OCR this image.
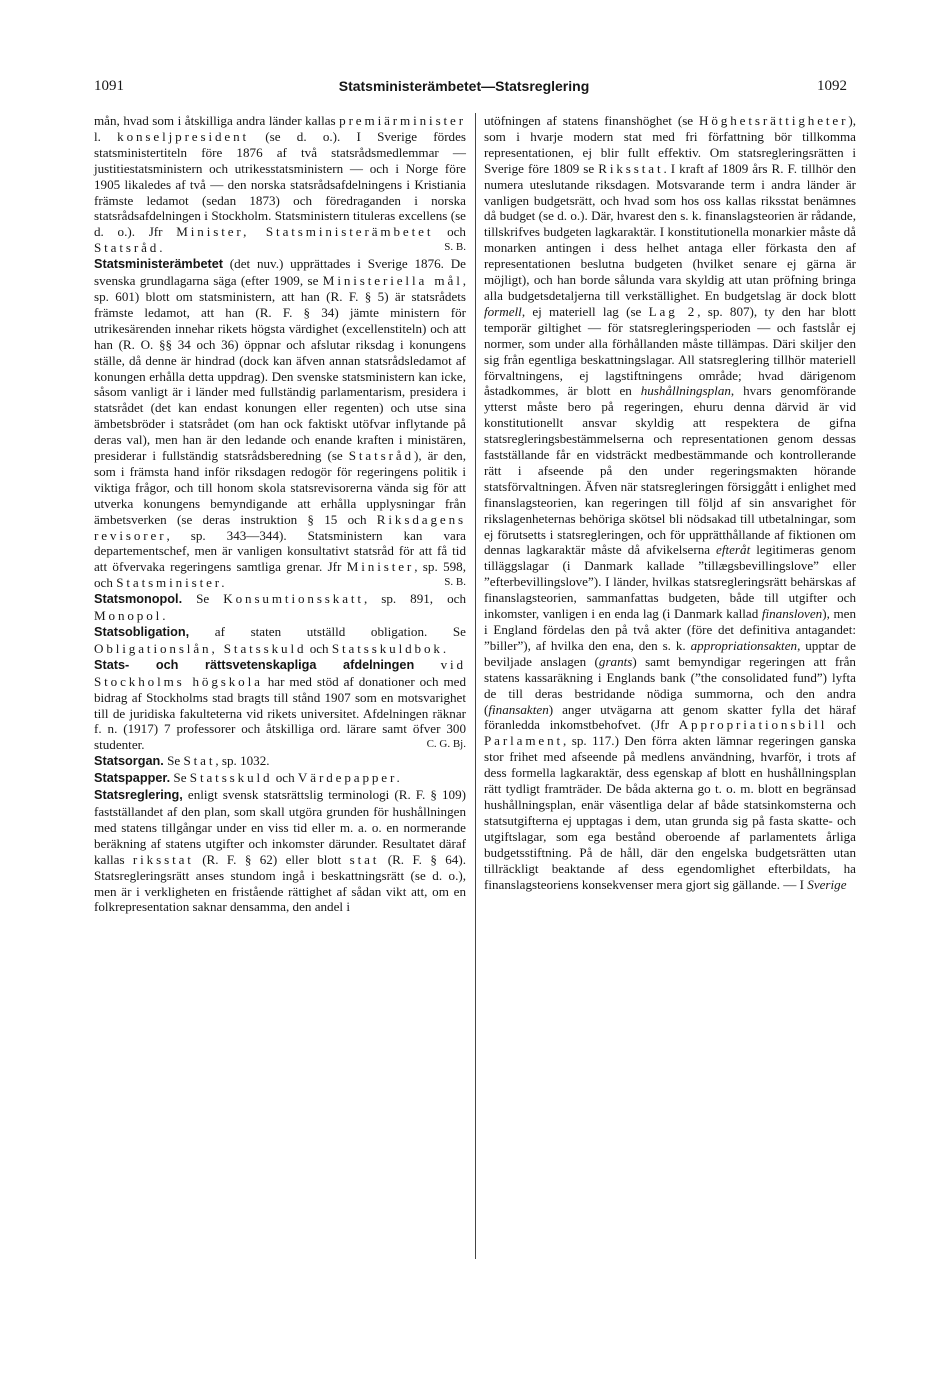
1091	Statsministerämbetet—Statsreglering	1092

mån, hvad som i åtskilliga andra länder kallas premiärminister l. konseljpresident (se d. o.). I Sverige fördes statsministertiteln före 1876 af två statsrådsmedlemmar — justitiestatsministern och utrikesstatsministern — och i Norge före 1905 likaledes af två — den norska statsrådsafdelningens i Kristiania främste ledamot (sedan 1873) och föredraganden i norska statsrådsafdelningen i Stockholm. Statsministern tituleras excellens (se d. o.). Jfr Minister, Statsministerämbetet och Statsråd.	S. B.

Statsministerämbetet (det nuv.) upprättades i Sverige 1876. De svenska grundlagarna säga (efter 1909, se Ministeriella mål, sp. 601) blott om statsministern, att han (R. F. § 5) är statsrådets främste ledamot, att han (R. F. § 34) jämte ministern för utrikesärenden innehar rikets högsta värdighet (excellenstiteln) och att han (R. O. §§ 34 och 36) öppnar och afslutar riksdag i konungens ställe, då denne är hindrad (dock kan äfven annan statsrådsledamot af konungen erhålla detta uppdrag). Den svenske statsministern kan icke, såsom vanligt är i länder med fullständig parlamentarism, presidera i statsrådet (det kan endast konungen eller regenten) och utse sina ämbetsbröder i statsrådet (om han ock faktiskt utöfvar inflytande på deras val), men han är den ledande och enande kraften i ministären, presiderar i fullständig statsrådsberedning (se Statsråd), är den, som i främsta hand inför riksdagen redogör för regeringens politik i viktiga frågor, och till honom skola statsrevisorerna vända sig för att utverka konungens bemyndigande att erhålla upplysningar från ämbetsverken (se deras instruktion § 15 och Riksdagens revisorer, sp. 343—344). Statsministern kan vara departementschef, men är vanligen konsultativt statsråd för att få tid att öfvervaka regeringens samtliga grenar. Jfr Minister, sp. 598, och Statsminister.	S. B.

Statsmonopol. Se Konsumtionsskatt, sp. 891, och Monopol.

Statsobligation, af staten utställd obligation. Se Obligationslån, Statsskuld och Statsskuldbok.

Stats- och rättsvetenskapliga afdelningen vid Stockholms högskola har med stöd af donationer och med bidrag af Stockholms stad bragts till stånd 1907 som en motsvarighet till de juridiska fakulteterna vid rikets universitet. Afdelningen räknar f. n. (1917) 7 professorer och åtskilliga ord. lärare samt öfver 300 studenter.	C. G. Bj.

Statsorgan. Se Stat, sp. 1032.

Statspapper. Se Statsskuld och Värdepapper.

Statsreglering, enligt svensk statsrättslig terminologi (R. F. § 109) fastställandet af den plan, som skall utgöra grunden för hushållningen med statens tillgångar under en viss tid eller m. a. o. en normerande beräkning af statens utgifter och inkomster därunder. Resultatet däraf kallas riksstat (R. F. § 62) eller blott stat (R. F. § 64). Statsregleringsrätt anses stundom ingå i beskattningsrätt (se d. o.), men är i verkligheten en fristående rättighet af sådan vikt att, om en folkrepresentation saknar densamma, den andel i

utöfningen af statens finanshöghet (se Höghetsrättigheter), som i hvarje modern stat med fri författning bör tillkomma representationen, ej blir fullt effektiv. Om statsregleringsrätten i Sverige före 1809 se Riksstat. I kraft af 1809 års R. F. tillhör den numera uteslutande riksdagen. Motsvarande term i andra länder är vanligen budgetsrätt, och hvad som hos oss kallas riksstat benämnes då budget (se d. o.). Där, hvarest den s. k. finanslagsteorien är rådande, tillskrifves budgeten lagkaraktär. I konstitutionella monarkier måste då monarken antingen i dess helhet antaga eller förkasta den af representationen beslutna budgeten (hvilket senare ej gärna är möjligt), och han borde sålunda vara skyldig att utan pröfning bringa alla budgetsdetaljerna till verkställighet. En budgetslag är dock blott formell, ej materiell lag (se Lag 2, sp. 807), ty den har blott temporär giltighet — för statsregleringsperioden — och fastslår ej normer, som under alla förhållanden måste tillämpas. Däri skiljer den sig från egentliga beskattningslagar. All statsreglering tillhör materiell förvaltningens, ej lagstiftningens område; hvad därigenom åstadkommes, är blott en hushållningsplan, hvars genomförande ytterst måste bero på regeringen, ehuru denna därvid är vid konstitutionellt ansvar skyldig att respektera de gifna statsregleringsbestämmelserna och representationen genom dessas fastställande får en vidsträckt medbestämmande och kontrollerande rätt i afseende på den under regeringsmakten hörande statsförvaltningen. Äfven när statsregleringen försiggått i enlighet med finanslagsteorien, kan regeringen till följd af sin ansvarighet för rikslagenheternas behöriga skötsel bli nödsakad till utbetalningar, som ej förutsetts i statsregleringen, och för upprätthållande af fiktionen om dennas lagkaraktär måste då afvikelserna efteråt legitimeras genom tilläggslagar (i Danmark kallade ”tillægsbevillingslove” eller ”efterbevillingslove”). I länder, hvilkas statsregleringsrätt behärskas af finanslagsteorien, sammanfattas budgeten, både till utgifter och inkomster, vanligen i en enda lag (i Danmark kallad finansloven), men i England fördelas den på två akter (före det definitiva antagandet: ”biller”), af hvilka den ena, den s. k. appropriationsakten, upptar de beviljade anslagen (grants) samt bemyndigar regeringen att från statens kassaräkning i Englands bank (”the consolidated fund”) lyfta de till deras bestridande nödiga summorna, och den andra (finansakten) anger utvägarna att genom skatter fylla det häraf föranledda inkomstbehofvet. (Jfr Appropriationsbill och Parlament, sp. 117.) Den förra akten lämnar regeringen ganska stor frihet med afseende på medlens användning, hvarför, i trots af dess formella lagkaraktär, dess egenskap af blott en hushållningsplan rätt tydligt framträder. De båda akterna go t. o. m. blott en begränsad hushållningsplan, enär väsentliga delar af både statsinkomsterna och statsutgifterna ej upptagas i dem, utan grunda sig på fasta skatte- och utgiftslagar, som ega bestånd oberoende af parlamentets årliga budgetsstiftning. På de håll, där den engelska budgetsrätten utan tillräckligt beaktande af dess egendomlighet efterbildats, ha finanslagsteoriens konsekvenser mera gjort sig gällande. — I Sverige
